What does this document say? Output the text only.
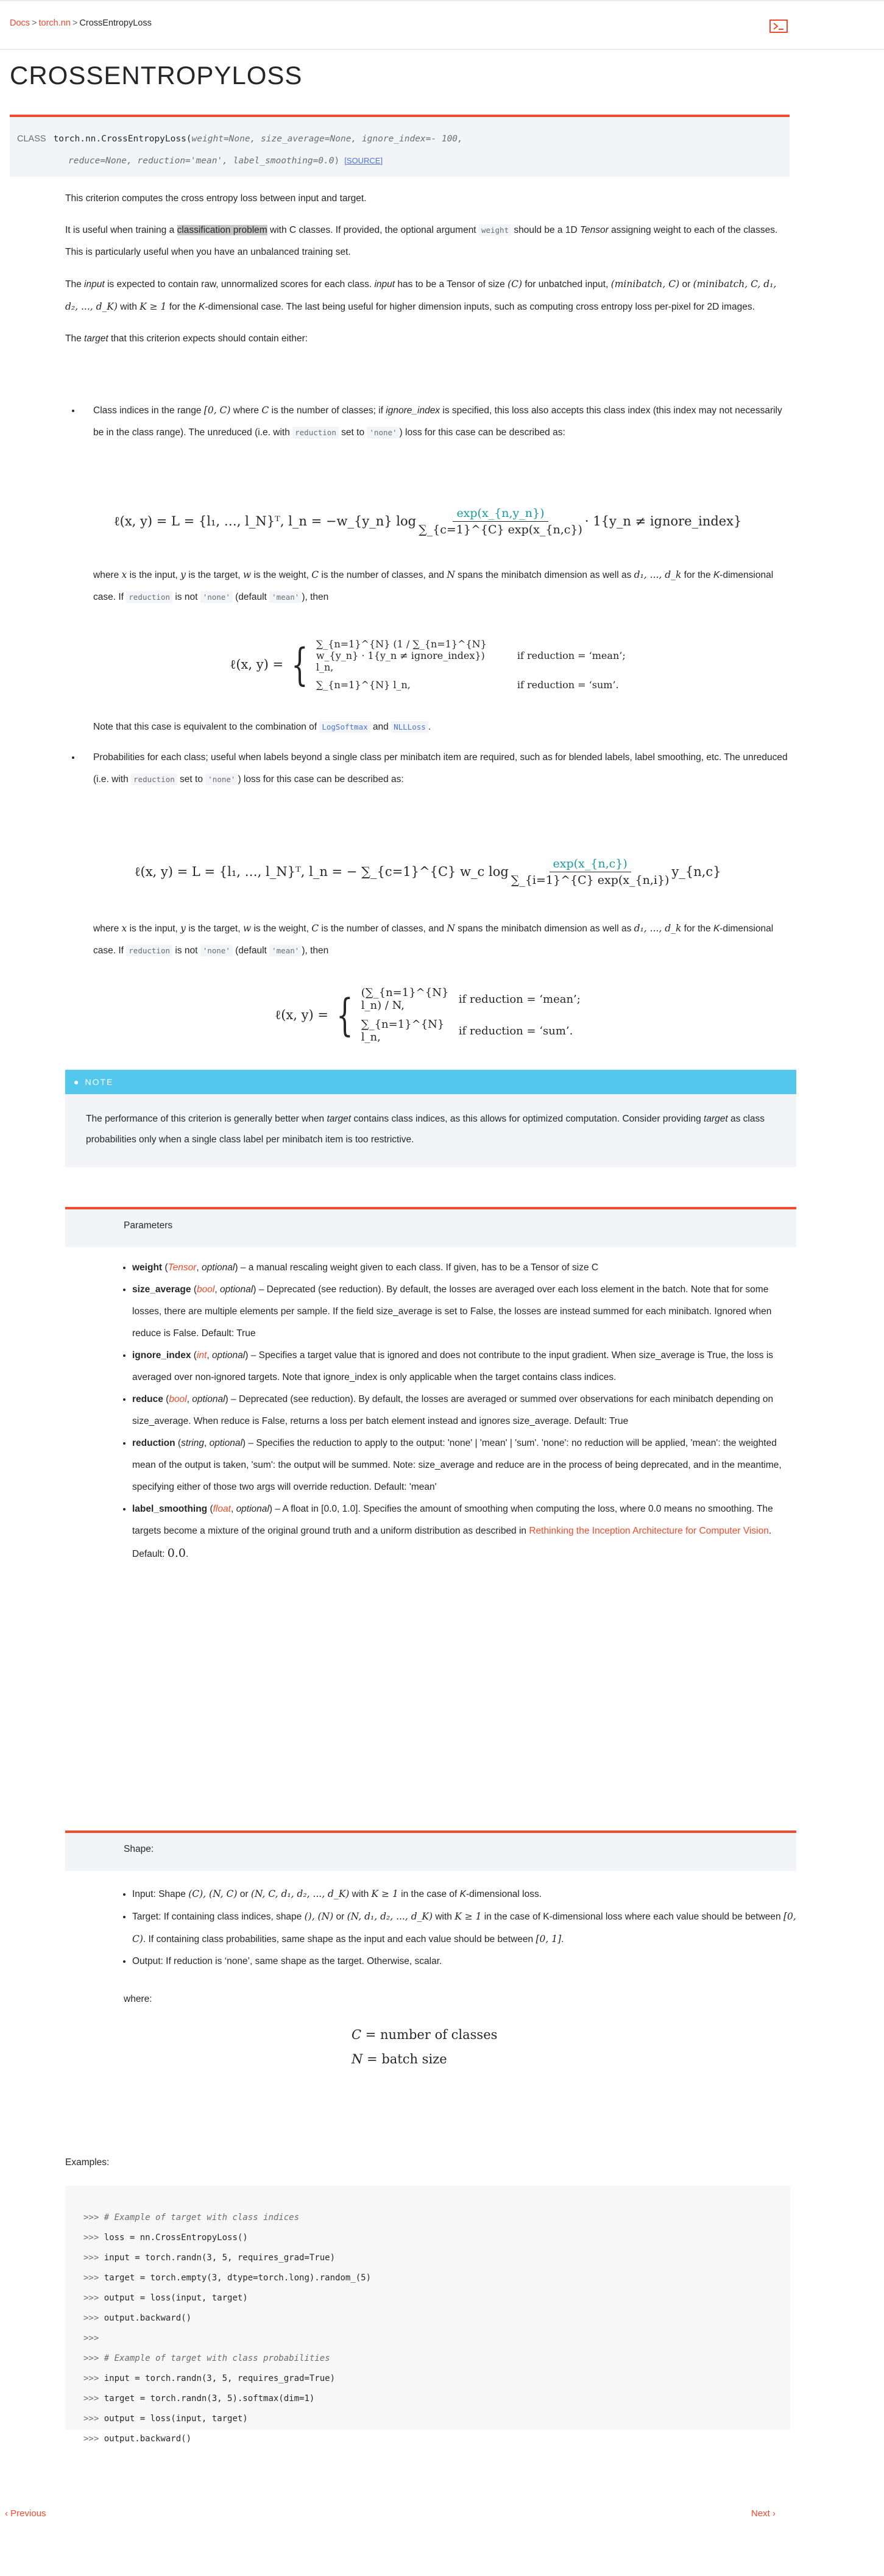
Docs > torch.nn > CrossEntropyLoss
CROSSENTROPYLOSS
CLASS torch.nn.CrossEntropyLoss(weight=None, size_average=None, ignore_index=- 100,
reduce=None, reduction='mean', label_smoothing=0.0) [SOURCE]

This criterion computes the cross entropy loss between input and target.

It is useful when training a classification problem with C classes. If provided, the optional argument weight should be a 1D Tensor assigning weight to each of the classes. This is particularly useful when you have an unbalanced training set.

The input is expected to contain raw, unnormalized scores for each class. input has to be a Tensor of size (C) for unbatched input, (minibatch, C) or (minibatch, C, d₁, d₂, ..., d_K) with K ≥ 1 for the K-dimensional case. The last being useful for higher dimension inputs, such as computing cross entropy loss per-pixel for 2D images.

The target that this criterion expects should contain either:

• Class indices in the range [0, C) where C is the number of classes; if ignore_index is specified, this loss also accepts this class index (this index may not necessarily be in the class range). The unreduced (i.e. with reduction set to 'none' ) loss for this case can be described as:
ℓ(x, y) = L = {l₁, …, l_N}ᵀ, l_n = −w_{y_n} $\log \frac{\exp(x\_\{n,y\_n\})}{\sum\_\{c=1\}\^{}\{C\} \exp(x\_\{n,c\})}$ · 1{y_n ≠ ignore_index}

where x is the input, y is the target, w is the weight, C is the number of classes, and N spans the minibatch dimension as well as d₁, ..., d_k for the K-dimensional case. If reduction is not 'none' (default 'mean' ), then

ℓ(x, y) = { ∑_{n=1}^{N} (1 / ∑_{n=1}^{N} w_{y_n} · 1{y_n ≠ ignore_index}) l_n,
if reduction = ‘mean’;
∑_{n=1}^{N} l_n,	if reduction = ‘sum’.

Note that this case is equivalent to the combination of LogSoftmax and NLLLoss .

• Probabilities for each class; useful when labels beyond a single class per minibatch item are required, such as for blended labels, label smoothing, etc. The unreduced (i.e. with reduction set to 'none' ) loss for this case can be described as:
ℓ(x, y) = L = {l₁, …, l_N}ᵀ, l_n = − ∑_{c=1}^{C} w_c $\log \frac{\exp(x\_\{n,c\})}{\sum\_\{i=1\}\^{}\{C\} \exp(x\_\{n,i\})}$ y_{n,c}

where x is the input, y is the target, w is the weight, C is the number of classes, and N spans the minibatch dimension as well as d₁, ..., d_k for the K-dimensional case. If reduction is not 'none' (default 'mean' ), then

ℓ(x, y) = { (∑_{n=1}^{N} l_n) / N,	if reduction = ‘mean’;
∑_{n=1}^{N} l_n,	if reduction = ‘sum’.
● NOTE
The performance of this criterion is generally better when target contains class indices, as this allows for optimized computation. Consider providing target as class probabilities only when a single class label per minibatch item is too restrictive.
Parameters
• weight (Tensor, optional) – a manual rescaling weight given to each class. If given, has to be a Tensor of size C
• size_average (bool, optional) – Deprecated (see reduction). By default, the losses are averaged over each loss element in the batch. Note that for some losses, there are multiple elements per sample. If the field size_average is set to False, the losses are instead summed for each minibatch. Ignored when reduce is False. Default: True
• ignore_index (int, optional) – Specifies a target value that is ignored and does not contribute to the input gradient. When size_average is True, the loss is averaged over non-ignored targets. Note that ignore_index is only applicable when the target contains class indices.
• reduce (bool, optional) – Deprecated (see reduction). By default, the losses are averaged or summed over observations for each minibatch depending on size_average. When reduce is False, returns a loss per batch element instead and ignores size_average. Default: True
• reduction (string, optional) – Specifies the reduction to apply to the output: 'none' | 'mean' | 'sum'. 'none': no reduction will be applied, 'mean': the weighted mean of the output is taken, 'sum': the output will be summed. Note: size_average and reduce are in the process of being deprecated, and in the meantime, specifying either of those two args will override reduction. Default: 'mean'
• label_smoothing (float, optional) – A float in [0.0, 1.0]. Specifies the amount of smoothing when computing the loss, where 0.0 means no smoothing. The targets become a mixture of the original ground truth and a uniform distribution as described in Rethinking the Inception Architecture for Computer Vision. Default: 0.0.
Shape:
• Input: Shape (C), (N, C) or (N, C, d₁, d₂, ..., d_K) with K ≥ 1 in the case of K-dimensional loss.
• Target: If containing class indices, shape (), (N) or (N, d₁, d₂, ..., d_K) with K ≥ 1 in the case of K-dimensional loss where each value should be between [0, C). If containing class probabilities, same shape as the input and each value should be between [0, 1].
• Output: If reduction is ‘none’, same shape as the target. Otherwise, scalar.

where:

C = number of classes
N = batch size

Examples:

>>> # Example of target with class indices
>>> loss = nn.CrossEntropyLoss()
>>> input = torch.randn(3, 5, requires_grad=True)
>>> target = torch.empty(3, dtype=torch.long).random_(5)
>>> output = loss(input, target)
>>> output.backward()
>>>
>>> # Example of target with class probabilities
>>> input = torch.randn(3, 5, requires_grad=True)
>>> target = torch.randn(3, 5).softmax(dim=1)
>>> output = loss(input, target)
>>> output.backward()
‹ Previous	Next ›
